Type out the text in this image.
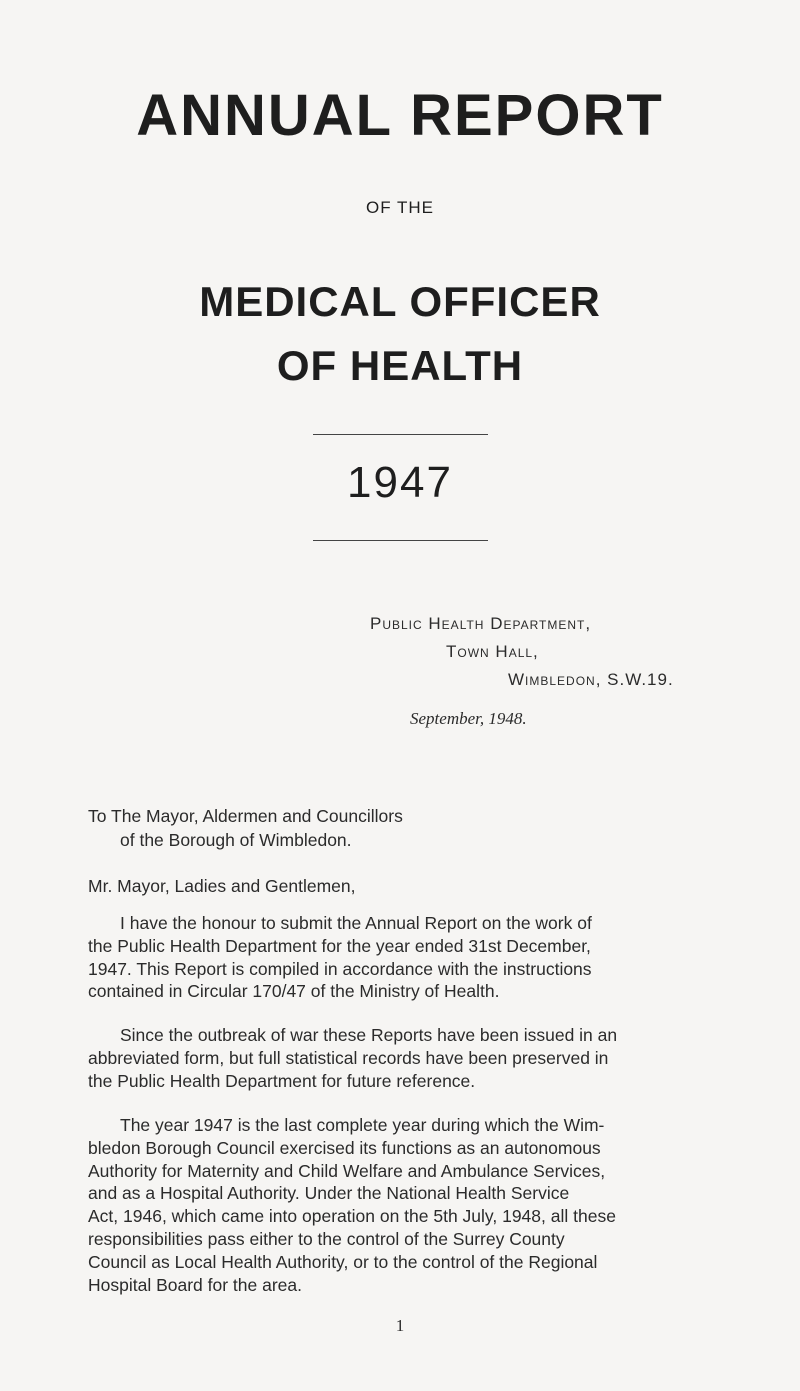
ANNUAL REPORT
OF THE
MEDICAL OFFICER
OF HEALTH
1947
Public Health Department,
Town Hall,
Wimbledon, S.W.19.
September, 1948.
To The Mayor, Aldermen and Councillors
of the Borough of Wimbledon.
Mr. Mayor, Ladies and Gentlemen,
I have the honour to submit the Annual Report on the work of
the Public Health Department for the year ended 31st December,
1947. This Report is compiled in accordance with the instructions
contained in Circular 170/47 of the Ministry of Health.
Since the outbreak of war these Reports have been issued in an
abbreviated form, but full statistical records have been preserved in
the Public Health Department for future reference.
The year 1947 is the last complete year during which the Wim-
bledon Borough Council exercised its functions as an autonomous
Authority for Maternity and Child Welfare and Ambulance Services,
and as a Hospital Authority. Under the National Health Service
Act, 1946, which came into operation on the 5th July, 1948, all these
responsibilities pass either to the control of the Surrey County
Council as Local Health Authority, or to the control of the Regional
Hospital Board for the area.
1
